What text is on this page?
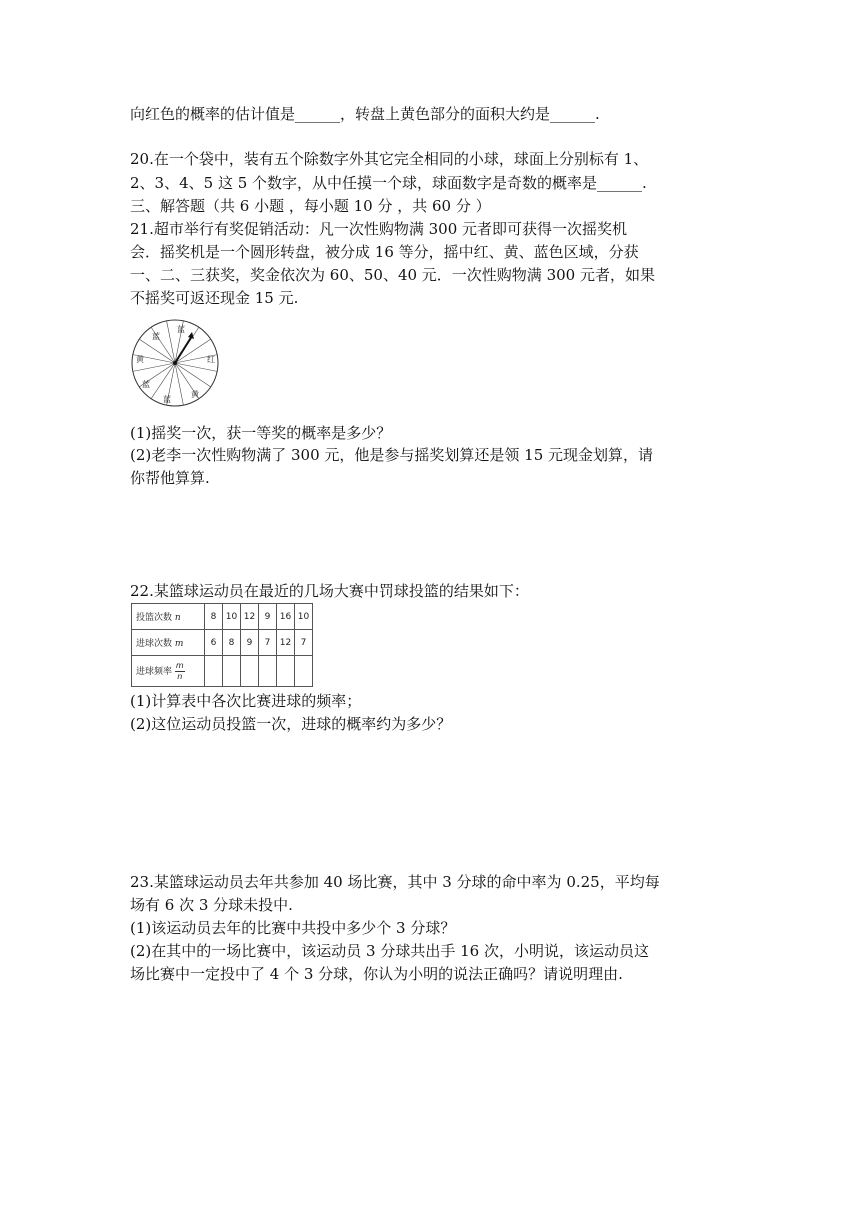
向红色的概率的估计值是______，转盘上黄色部分的面积大约是______.
20.在一个袋中，装有五个除数字外其它完全相同的小球，球面上分别标有 1、
2、3、4、5 这 5 个数字，从中任摸一个球，球面数字是奇数的概率是______.
三、解答题（共 6 小题 ，每小题 10 分 ，共 60 分 ）
21.超市举行有奖促销活动：凡一次性购物满 300 元者即可获得一次摇奖机
会．摇奖机是一个圆形转盘，被分成 16 等分，摇中红、黄、蓝色区域，分获
一、二、三获奖，奖金依次为 60、50、40 元．一次性购物满 300 元者，如果
不摇奖可返还现金 15 元.
蓝
蓝
红
黄
蓝
蓝
黄
(1)摇奖一次，获一等奖的概率是多少？
(2)老李一次性购物满了 300 元，他是参与摇奖划算还是领 15 元现金划算，请
你帮他算算.
22.某篮球运动员在最近的几场大赛中罚球投篮的结果如下：
投篮次数 n	8	10	12	9	16	10
进球次数 m	6	8	9	7	12	7
进球频率 $\frac{m}{n}$

(1)计算表中各次比赛进球的频率；
(2)这位运动员投篮一次，进球的概率约为多少？
23.某篮球运动员去年共参加 40 场比赛，其中 3 分球的命中率为 0.25，平均每
场有 6 次 3 分球未投中.
(1)该运动员去年的比赛中共投中多少个 3 分球？
(2)在其中的一场比赛中，该运动员 3 分球共出手 16 次，小明说，该运动员这
场比赛中一定投中了 4 个 3 分球，你认为小明的说法正确吗？请说明理由.
